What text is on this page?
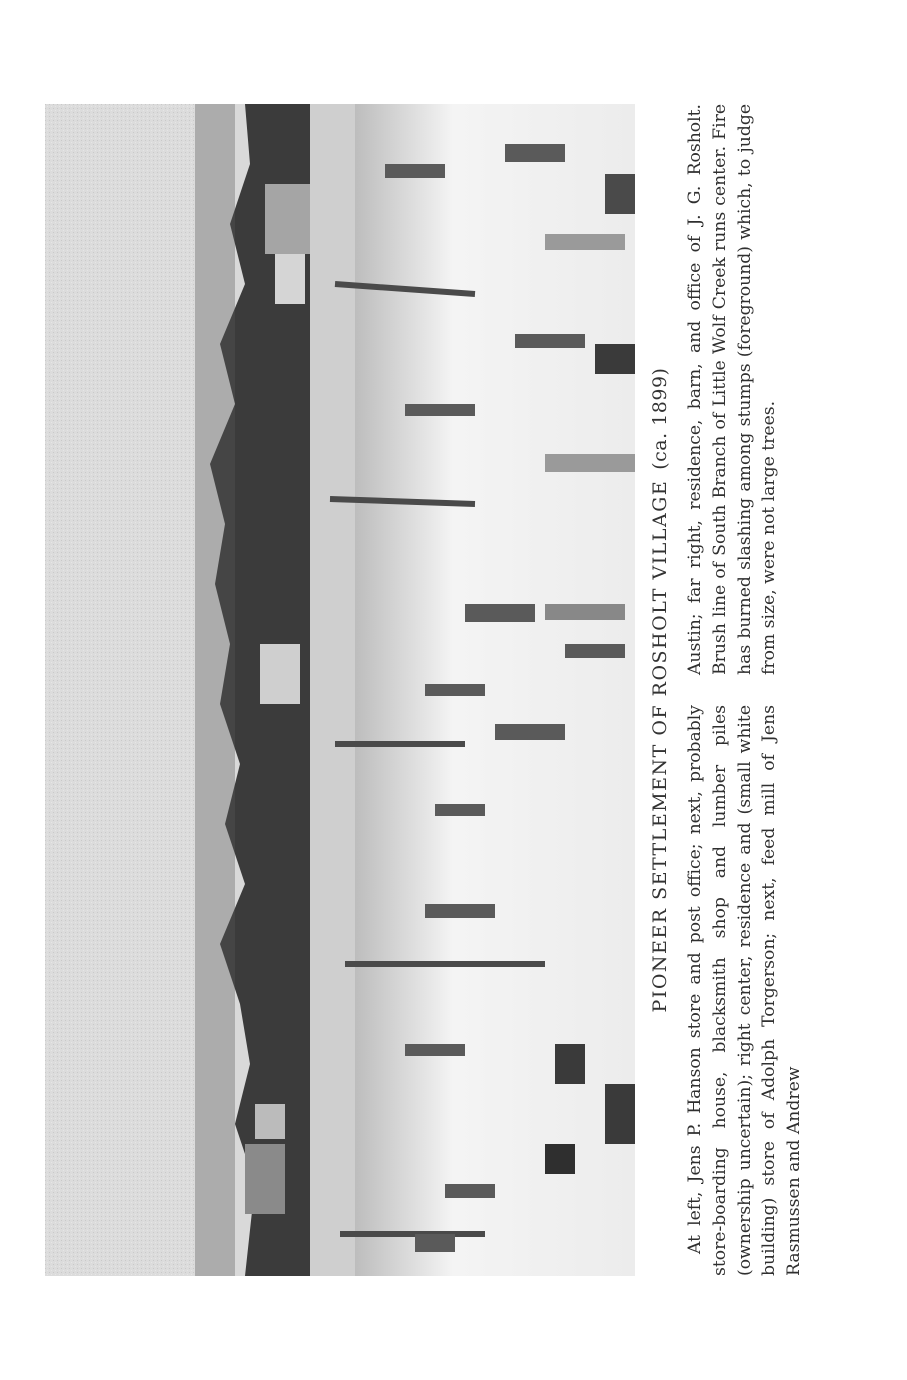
PIONEER SETTLEMENT OF ROSHOLT VILLAGE(ca. 1899)

At left, Jens P. Hanson store and post office; next, probably store-boarding house, blacksmith shop and lumber piles (ownership uncertain); right center, residence and (small white building) store of Adolph Torgerson; next, feed mill of Jens Rasmussen and Andrew

Austin; far right, residence, barn, and office of J. G. Rosholt. Brush line of South Branch of Little Wolf Creek runs center. Fire has burned slashing among stumps (foreground) which, to judge from size, were not large trees.
